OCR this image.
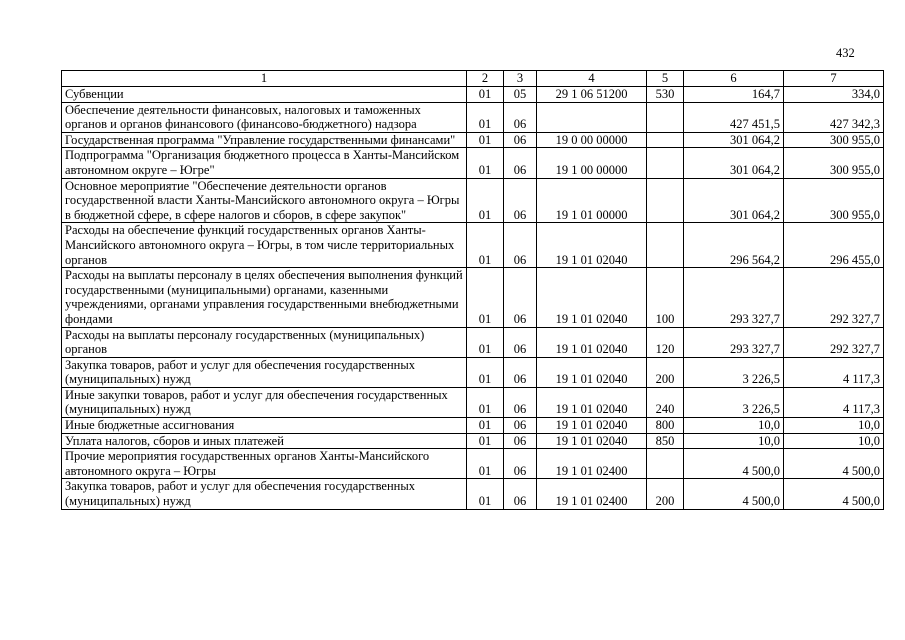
432
1	2	3	4	5	6	7
Субвенции	01	05	29 1 06 51200	530	164,7	334,0
Обеспечение деятельности финансовых, налоговых и таможенных органов и органов финансового (финансово-бюджетного) надзора	01	06			427 451,5	427 342,3
Государственная программа "Управление государственными финансами"	01	06	19 0 00 00000		301 064,2	300 955,0
Подпрограмма "Организация бюджетного процесса в Ханты-Мансийском автономном округе – Югре"	01	06	19 1 00 00000		301 064,2	300 955,0
Основное мероприятие "Обеспечение деятельности органов государственной власти Ханты-Мансийского автономного округа – Югры в бюджетной сфере, в сфере налогов и сборов, в сфере закупок"	01	06	19 1 01 00000		301 064,2	300 955,0
Расходы на обеспечение функций государственных органов Ханты-Мансийского автономного округа – Югры, в том числе территориальных органов	01	06	19 1 01 02040		296 564,2	296 455,0
Расходы на выплаты персоналу в целях обеспечения выполнения функций государственными (муниципальными) органами, казенными учреждениями, органами управления государственными внебюджетными фондами	01	06	19 1 01 02040	100	293 327,7	292 327,7
Расходы на выплаты персоналу государственных (муниципальных) органов	01	06	19 1 01 02040	120	293 327,7	292 327,7
Закупка товаров, работ и услуг для обеспечения государственных (муниципальных) нужд	01	06	19 1 01 02040	200	3 226,5	4 117,3
Иные закупки товаров, работ и услуг для обеспечения государственных (муниципальных) нужд	01	06	19 1 01 02040	240	3 226,5	4 117,3
Иные бюджетные ассигнования	01	06	19 1 01 02040	800	10,0	10,0
Уплата налогов, сборов и иных платежей	01	06	19 1 01 02040	850	10,0	10,0
Прочие мероприятия государственных органов Ханты-Мансийского автономного округа – Югры	01	06	19 1 01 02400		4 500,0	4 500,0
Закупка товаров, работ и услуг для обеспечения государственных (муниципальных) нужд	01	06	19 1 01 02400	200	4 500,0	4 500,0
